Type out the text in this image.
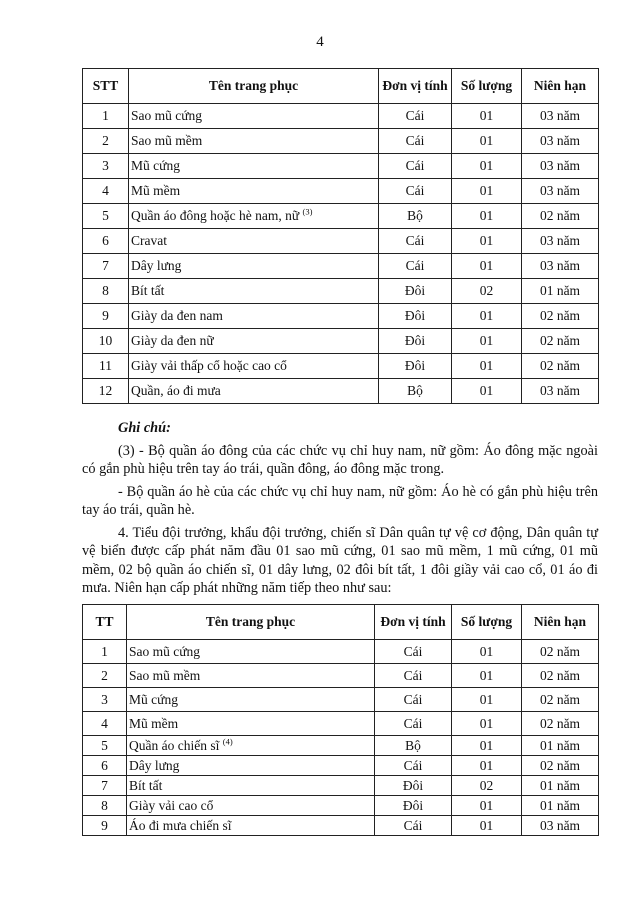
4
STT	Tên trang phục	Đơn vị tính	Số lượng	Niên hạn
1	Sao mũ cứng	Cái	01	03 năm
2	Sao mũ mềm	Cái	01	03 năm
3	Mũ cứng	Cái	01	03 năm
4	Mũ mềm	Cái	01	03 năm
5	Quần áo đông hoặc hè nam, nữ $^{(3)}$	Bộ	01	02 năm
6	Cravat	Cái	01	03 năm
7	Dây lưng	Cái	01	03 năm
8	Bít tất	Đôi	02	01 năm
9	Giày da đen nam	Đôi	01	02 năm
10	Giày da đen nữ	Đôi	01	02 năm
11	Giày vải thấp cổ hoặc cao cổ	Đôi	01	02 năm
12	Quần, áo đi mưa	Bộ	01	03 năm

Ghi chú:

(3) - Bộ quần áo đông của các chức vụ chỉ huy nam, nữ gồm: Áo đông mặc ngoài có gắn phù hiệu trên tay áo trái, quần đông, áo đông mặc trong.

- Bộ quần áo hè của các chức vụ chỉ huy nam, nữ gồm: Áo hè có gắn phù hiệu trên tay áo trái, quần hè.

4. Tiểu đội trưởng, khẩu đội trưởng, chiến sĩ Dân quân tự vệ cơ động, Dân quân tự vệ biển được cấp phát năm đầu 01 sao mũ cứng, 01 sao mũ mềm, 1 mũ cứng, 01 mũ mềm, 02 bộ quần áo chiến sĩ, 01 dây lưng, 02 đôi bít tất, 1 đôi giầy vải cao cổ, 01 áo đi mưa. Niên hạn cấp phát những năm tiếp theo như sau:

TT	Tên trang phục	Đơn vị tính	Số lượng	Niên hạn
1	Sao mũ cứng	Cái	01	02 năm
2	Sao mũ mềm	Cái	01	02 năm
3	Mũ cứng	Cái	01	02 năm
4	Mũ mềm	Cái	01	02 năm
5	Quần áo chiến sĩ $^{(4)}$	Bộ	01	01 năm
6	Dây lưng	Cái	01	02 năm
7	Bít tất	Đôi	02	01 năm
8	Giày vải cao cổ	Đôi	01	01 năm
9	Áo đi mưa chiến sĩ	Cái	01	03 năm
